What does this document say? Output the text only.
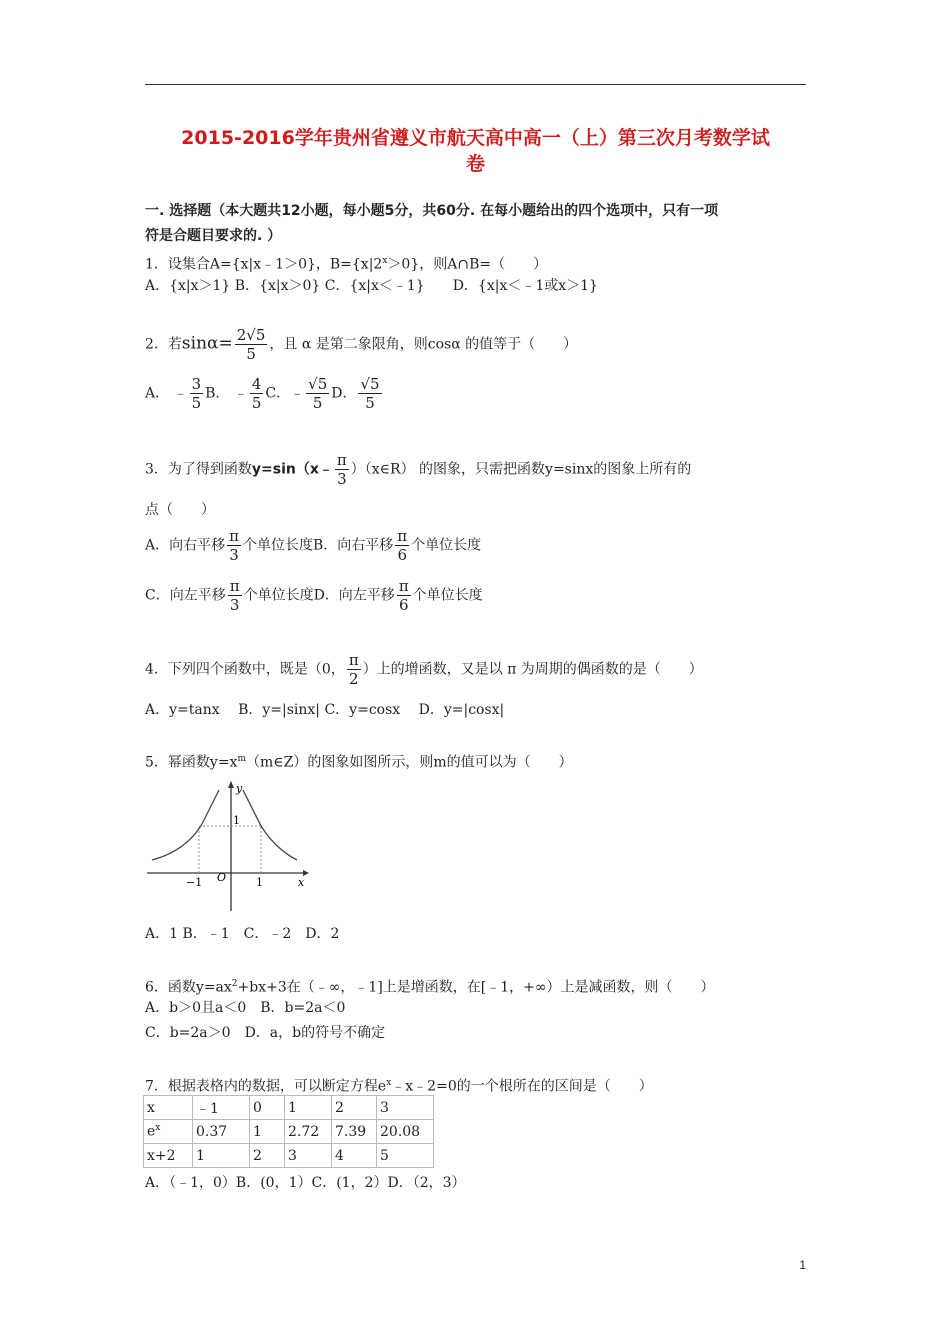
2015-2016学年贵州省遵义市航天高中高一（上）第三次月考数学试
卷
一. 选择题（本大题共12小题，每小题5分，共60分. 在每小题给出的四个选项中，只有一项
符是合题目要求的. ）
1．设集合A={x|x﹣1＞0}，$B=\{x|2^x>0\}$，则A∩B=（　　）
A．{x|x＞1} B．{x|x＞0} C．{x|x＜﹣1}　　D．{x|x＜﹣1或x＞1}
2．若$\sin\alpha= \frac{2√5}{5}$ ，且 α 是第二象限角，则cosα 的值等于（　　）
A． ﹣ $\frac{3}{5}$ B． ﹣ $\frac{4}{5}$ C．﹣ $\frac{√5}{5}$ D． $\frac{√5}{5}$
3．为了得到函数y=sin（x﹣ $\frac{\pi}{3}$ ）（x∈R） 的图象，只需把函数y=sinx的图象上所有的
点（　　）
A．向右平移 $\frac{\pi}{3}$ 个单位长度B．向右平移 $\frac{\pi}{6}$ 个单位长度
C．向左平移 $\frac{\pi}{3}$ 个单位长度D．向左平移 $\frac{\pi}{6}$ 个单位长度
4．下列四个函数中，既是（0， $\frac{\pi}{2}$ ）上的增函数，又是以 π 为周期的偶函数的是（　　）
A．y=tanx　 B．y=|sinx| C．y=cosx　 D．y=|cosx|
5．幂函数$y=x^m(m\in Z)$的图象如图所示，则m的值可以为（　　）
y
x
1
−1 O	1
A．1 B．﹣1　C．﹣2　D．2
6．函数$y=ax^2+bx+3$在（﹣∞，﹣1]上是增函数，在[﹣1，+∞）上是减函数，则（　　）
A．b＞0且a＜0　B．b=2a＜0
C．b=2a＞0　D．a，b的符号不确定
7．根据表格内的数据，可以断定方程$e^x﹣x﹣2=0$的一个根所在的区间是（　　）
x	﹣1	0	1	2	3
$e^x$	0.37	1	2.72	7.39	20.08
x+2	1	2	3	4	5
A．（﹣1，0）B．(0，1）C．(1，2）D．（2，3）
1
